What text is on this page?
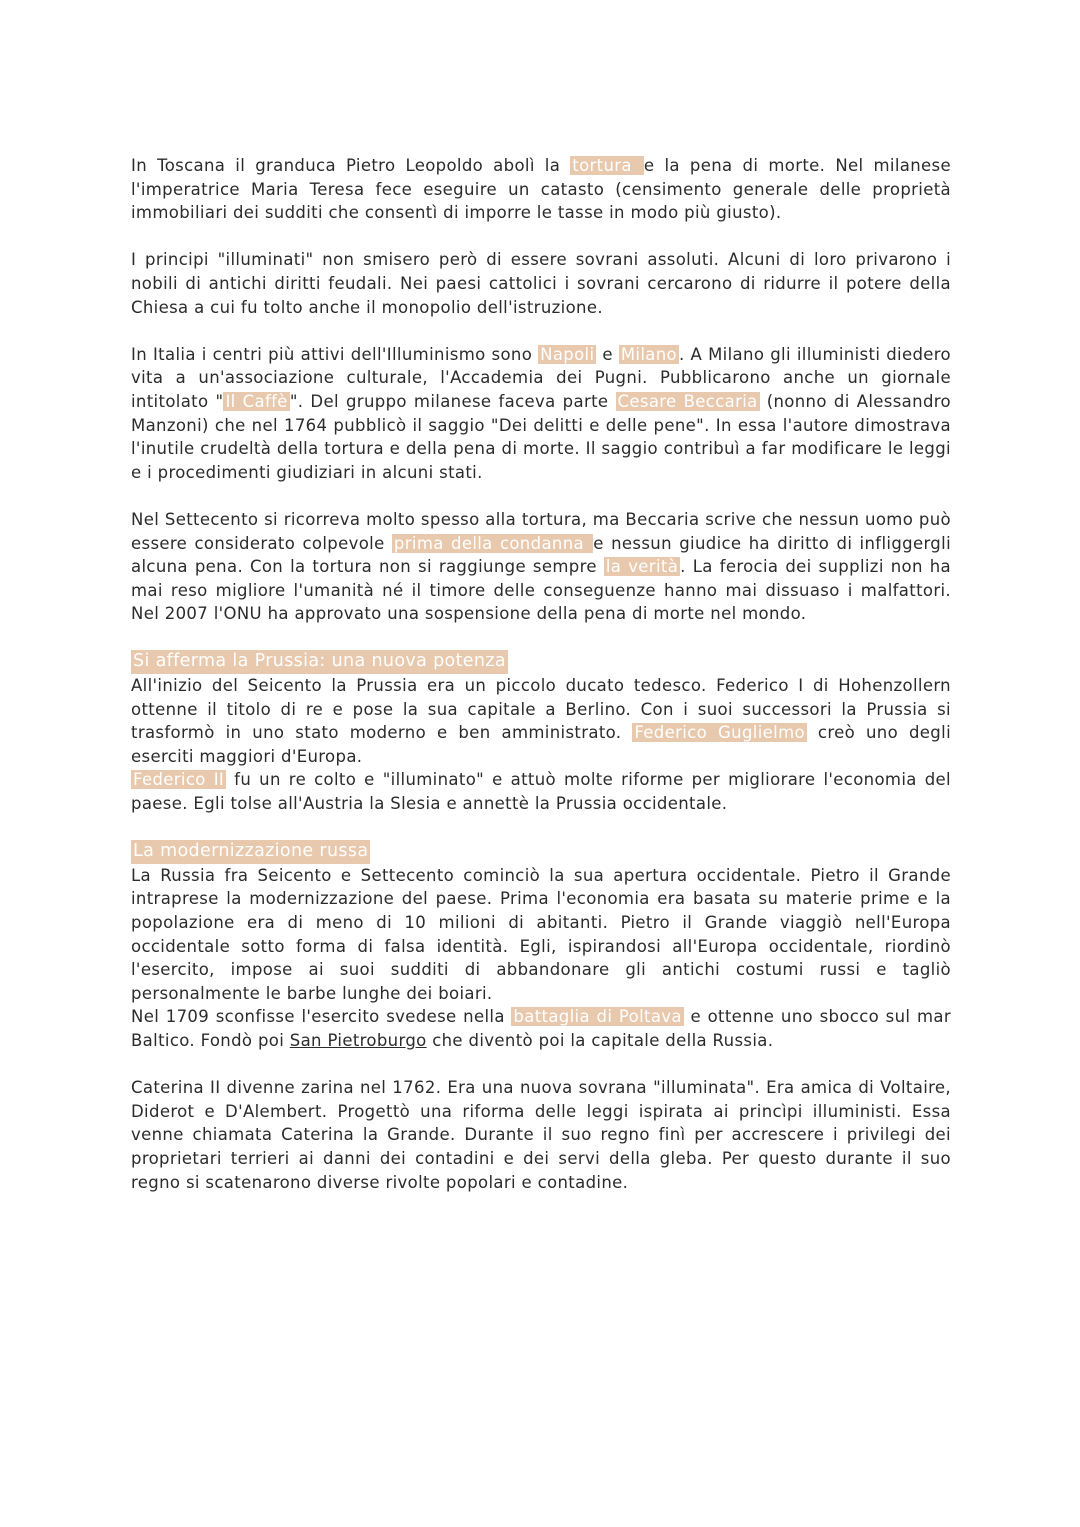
In Toscana il granduca Pietro Leopoldo abolì la tortura e la pena di morte. Nel milanese l'imperatrice Maria Teresa fece eseguire un catasto (censimento generale delle proprietà immobiliari dei sudditi che consentì di imporre le tasse in modo più giusto).

I principi "illuminati" non smisero però di essere sovrani assoluti. Alcuni di loro privarono i nobili di antichi diritti feudali. Nei paesi cattolici i sovrani cercarono di ridurre il potere della Chiesa a cui fu tolto anche il monopolio dell'istruzione.

In Italia i centri più attivi dell'Illuminismo sono Napoli e Milano . A Milano gli illuministi diedero vita a un'associazione culturale, l'Accademia dei Pugni. Pubblicarono anche un giornale intitolato " Il Caffè ". Del gruppo milanese faceva parte Cesare Beccaria (nonno di Alessandro Manzoni) che nel 1764 pubblicò il saggio "Dei delitti e delle pene". In essa l'autore dimostrava l'inutile crudeltà della tortura e della pena di morte. Il saggio contribuì a far modificare le leggi e i procedimenti giudiziari in alcuni stati.

Nel Settecento si ricorreva molto spesso alla tortura, ma Beccaria scrive che nessun uomo può essere considerato colpevole prima della condanna e nessun giudice ha diritto di infliggergli alcuna pena. Con la tortura non si raggiunge sempre la verità . La ferocia dei supplizi non ha mai reso migliore l'umanità né il timore delle conseguenze hanno mai dissuaso i malfattori. Nel 2007 l'ONU ha approvato una sospensione della pena di morte nel mondo.

Si afferma la Prussia: una nuova potenza

All'inizio del Seicento la Prussia era un piccolo ducato tedesco. Federico I di Hohenzollern ottenne il titolo di re e pose la sua capitale a Berlino. Con i suoi successori la Prussia si trasformò in uno stato moderno e ben amministrato. Federico Guglielmo creò uno degli eserciti maggiori d'Europa.

Federico II fu un re colto e "illuminato" e attuò molte riforme per migliorare l'economia del paese. Egli tolse all'Austria la Slesia e annettè la Prussia occidentale.

La modernizzazione russa

La Russia fra Seicento e Settecento cominciò la sua apertura occidentale. Pietro il Grande intraprese la modernizzazione del paese. Prima l'economia era basata su materie prime e la popolazione era di meno di 10 milioni di abitanti. Pietro il Grande viaggiò nell'Europa occidentale sotto forma di falsa identità. Egli, ispirandosi all'Europa occidentale, riordinò l'esercito, impose ai suoi sudditi di abbandonare gli antichi costumi russi e tagliò personalmente le barbe lunghe dei boiari.

Nel 1709 sconfisse l'esercito svedese nella battaglia di Poltava e ottenne uno sbocco sul mar Baltico. Fondò poi San Pietroburgo che diventò poi la capitale della Russia.

Caterina II divenne zarina nel 1762. Era una nuova sovrana "illuminata". Era amica di Voltaire, Diderot e D'Alembert. Progettò una riforma delle leggi ispirata ai princìpi illuministi. Essa venne chiamata Caterina la Grande. Durante il suo regno finì per accrescere i privilegi dei proprietari terrieri ai danni dei contadini e dei servi della gleba. Per questo durante il suo regno si scatenarono diverse rivolte popolari e contadine.
